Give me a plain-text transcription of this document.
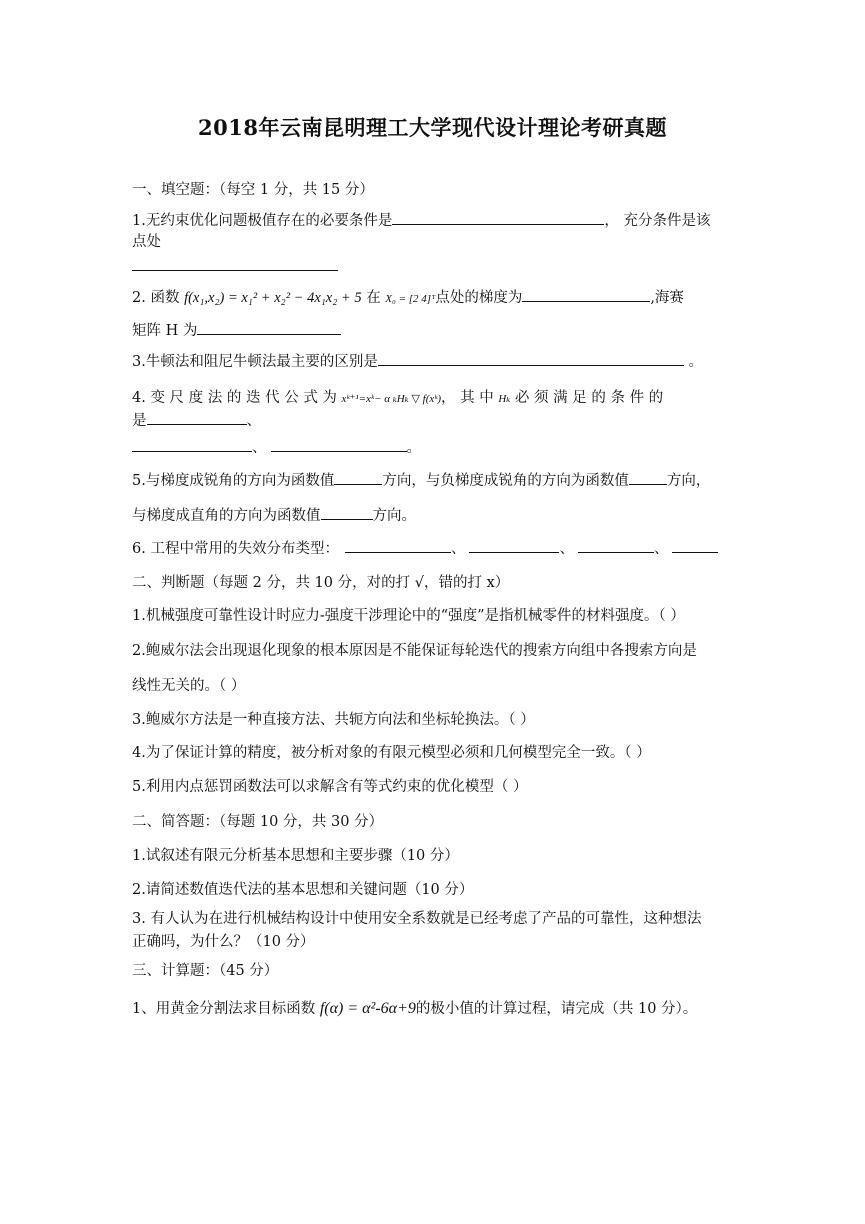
2018年云南昆明理工大学现代设计理论考研真题
一、填空题：（每空 1 分，共 15 分）
1.无约束优化问题极值存在的必要条件是	， 充分条件是该
点处
2. 函数 f(x₁,x₂) = x₁² + x₂² − 4x₁x₂ + 5 在 X₀ = [2 4]ᵀ点处的梯度为	,海赛
矩阵 H 为
3.牛顿法和阻尼牛顿法最主要的区别是	。
4. 变 尺 度 法 的 迭 代 公 式 为 xᵏ⁺¹=xᵏ− α ₖHₖ ▽ f(xᵏ)， 其 中 Hₖ 必 须 满 足 的 条 件 的
是	、
、	。
5.与梯度成锐角的方向为函数值	方向，与负梯度成锐角的方向为函数值	方向，
与梯度成直角的方向为函数值	方向。
6. 工程中常用的失效分布类型：	、	、	、
二、判断题（每题 2 分，共 10 分，对的打 √，错的打 x）
1.机械强度可靠性设计时应力-强度干涉理论中的“强度”是指机械零件的材料强度。（ ）
2.鲍威尔法会出现退化现象的根本原因是不能保证每轮迭代的搜索方向组中各搜索方向是
线性无关的。（ ）
3.鲍威尔方法是一种直接方法、共轭方向法和坐标轮换法。（ ）
4.为了保证计算的精度，被分析对象的有限元模型必须和几何模型完全一致。（ ）
5.利用内点惩罚函数法可以求解含有等式约束的优化模型（ ）
二、简答题：（每题 10 分，共 30 分）
1.试叙述有限元分析基本思想和主要步骤（10 分）
2.请简述数值迭代法的基本思想和关键问题（10 分）
3. 有人认为在进行机械结构设计中使用安全系数就是已经考虑了产品的可靠性，这种想法
正确吗，为什么？（10 分）
三、计算题：（45 分）
1、用黄金分割法求目标函数 f(α) = α²-6α+9的极小值的计算过程，请完成（共 10 分）。
